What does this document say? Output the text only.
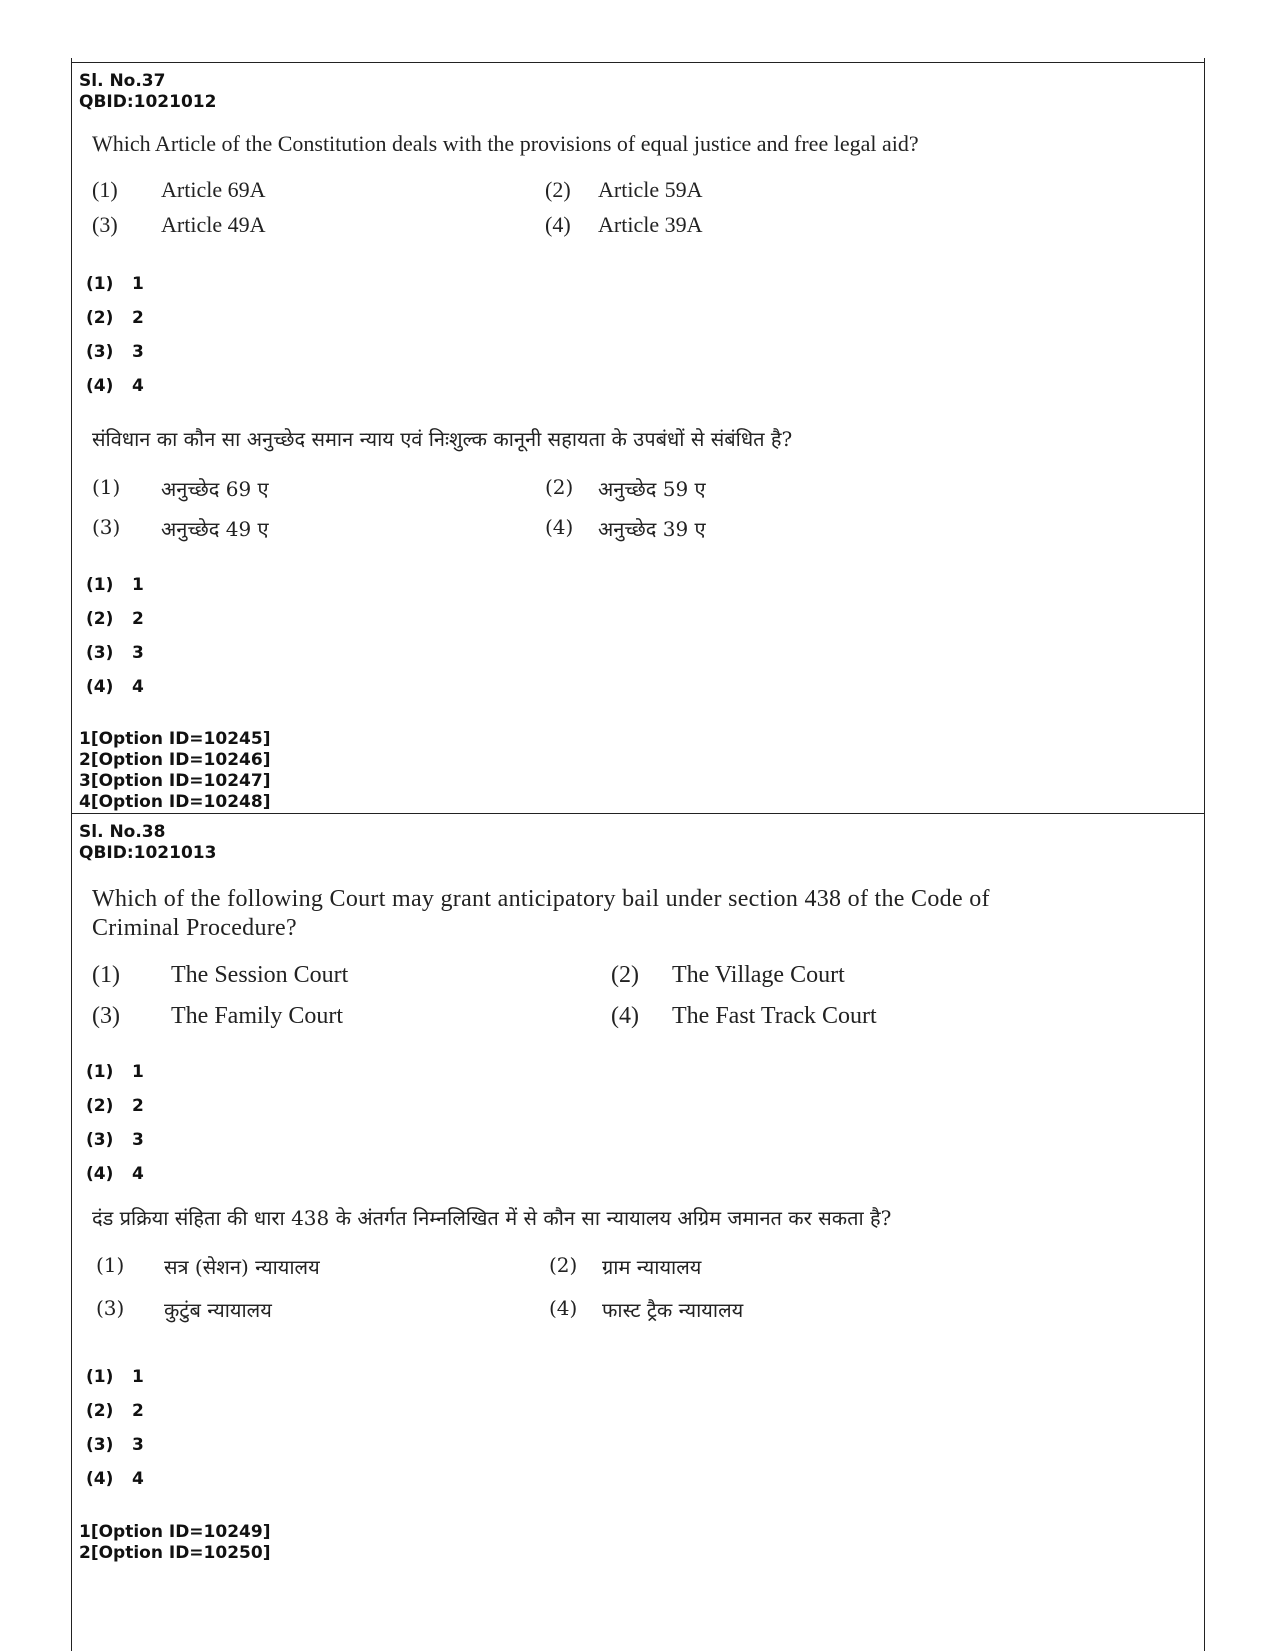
Sl. No.37
QBID:1021012
Which Article of the Constitution deals with the provisions of equal justice and free legal aid?
(1) Article 69A	(2) Article 59A
(3) Article 49A	(4) Article 39A
(1) 1
(2) 2
(3) 3
(4) 4
संविधान का कौन सा अनुच्छेद समान न्याय एवं निःशुल्क कानूनी सहायता के उपबंधों से संबंधित है?
(1) अनुच्छेद 69 ए	(2) अनुच्छेद 59 ए
(3) अनुच्छेद 49 ए	(4) अनुच्छेद 39 ए
(1) 1
(2) 2
(3) 3
(4) 4
1[Option ID=10245]
2[Option ID=10246]
3[Option ID=10247]
4[Option ID=10248]
Sl. No.38
QBID:1021013
Which of the following Court may grant anticipatory bail under section 438 of the Code of
Criminal Procedure?
(1) The Session Court	(2) The Village Court
(3) The Family Court	(4) The Fast Track Court
(1) 1
(2) 2
(3) 3
(4) 4
दंड प्रक्रिया संहिता की धारा 438 के अंतर्गत निम्नलिखित में से कौन सा न्यायालय अग्रिम जमानत कर सकता है?
(1) सत्र (सेशन) न्यायालय	(2) ग्राम न्यायालय
(3) कुटुंब न्यायालय	(4) फास्ट ट्रैक न्यायालय
(1) 1
(2) 2
(3) 3
(4) 4
1[Option ID=10249]
2[Option ID=10250]
